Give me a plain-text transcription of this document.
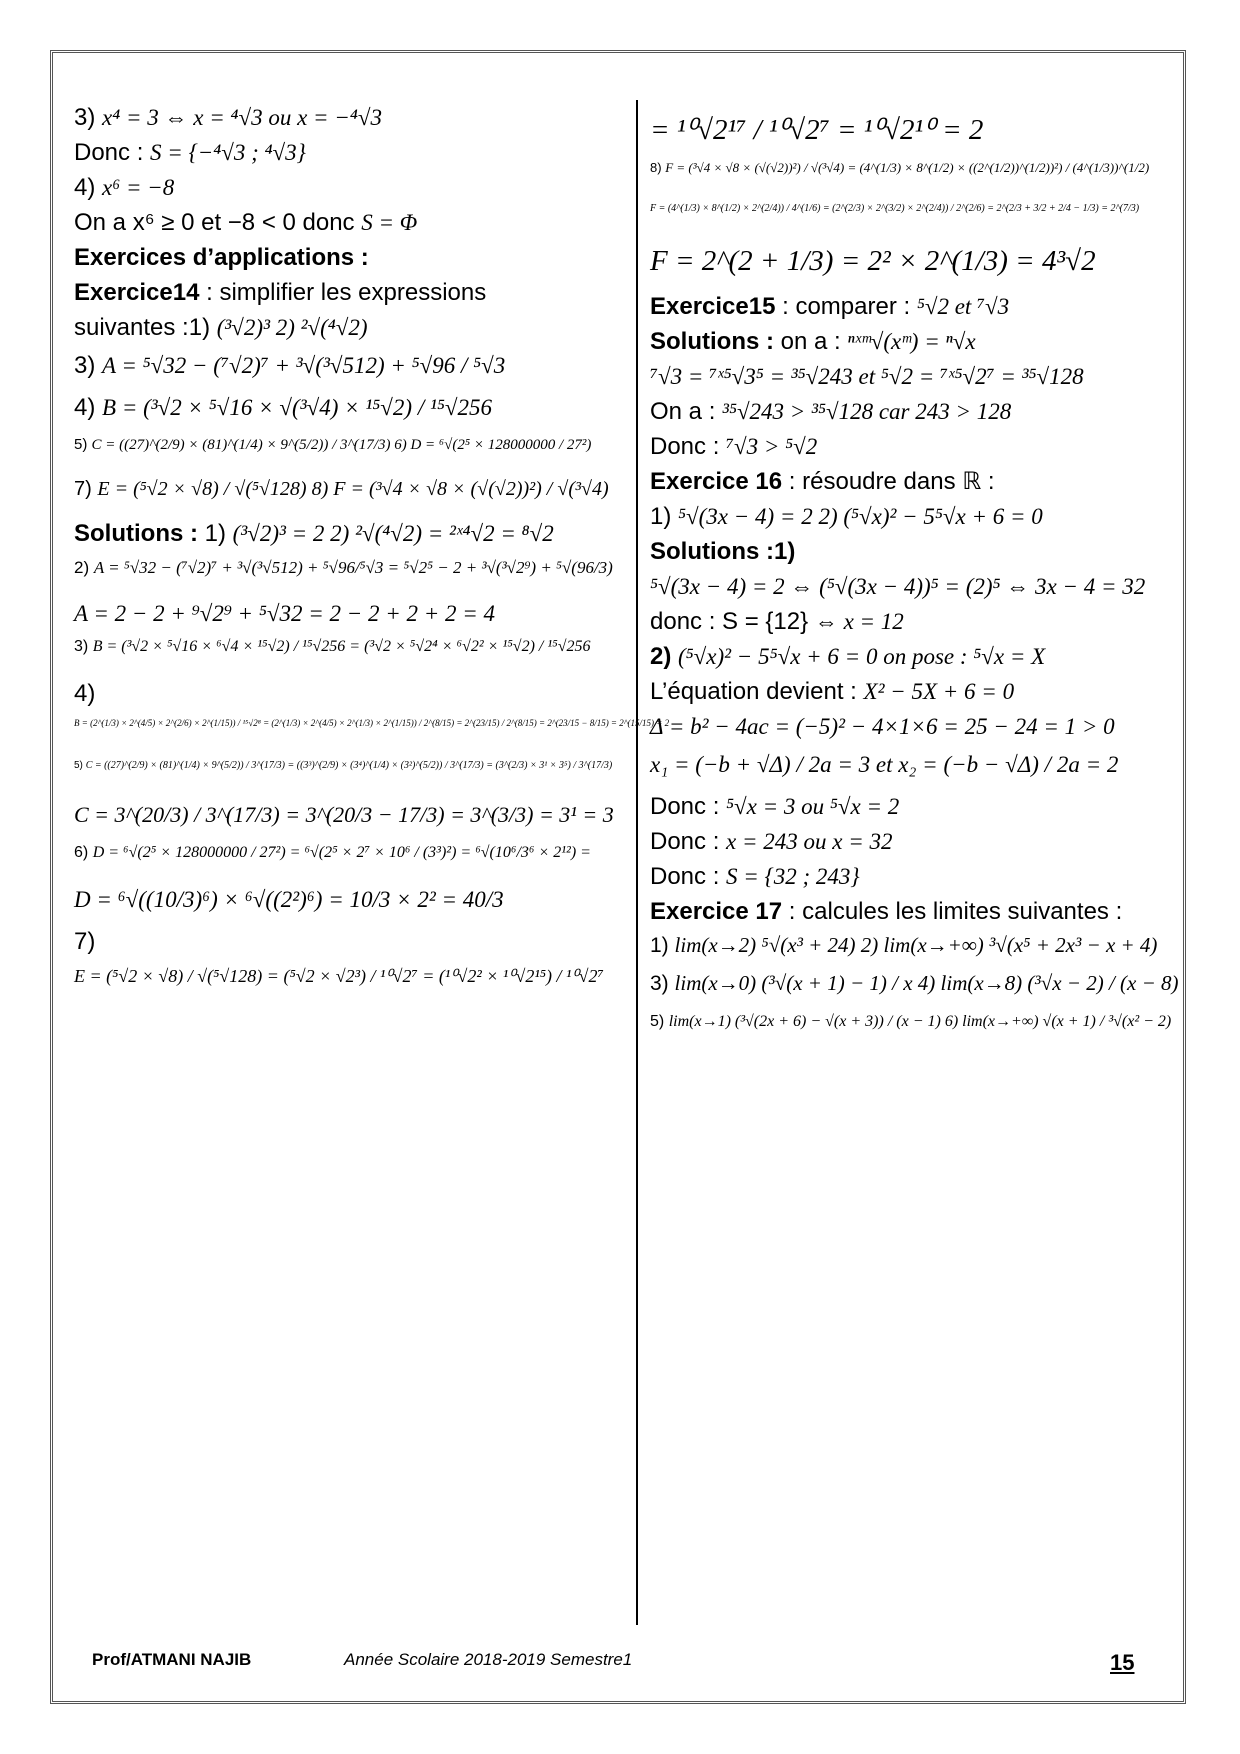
3) x⁴ = 3 ⇔ x = ⁴√3 ou x = −⁴√3
Donc : S = {−⁴√3 ; ⁴√3}
4) x⁶ = −8
On a x⁶ ≥ 0 et −8 < 0 donc S = Φ
Exercices d’applications :
Exercice14 : simplifier les expressions
suivantes :1) (³√2)³ 2) ²√(⁴√2)
3) A = ⁵√32 − (⁷√2)⁷ + ³√(³√512) + ⁵√96 / ⁵√3
4) B = (³√2 × ⁵√16 × √(³√4) × ¹⁵√2) / ¹⁵√256
5) C = ((27)^(2/9) × (81)^(1/4) × 9^(5/2)) / 3^(17/3) 6) D = ⁶√(2⁵ × 128000000 / 27²)
7) E = (⁵√2 × √8) / √(⁵√128) 8) F = (³√4 × √8 × (√(√2))²) / √(³√4)
Solutions : 1) (³√2)³ = 2 2) ²√(⁴√2) = ²ˣ⁴√2 = ⁸√2
2) A = ⁵√32 − (⁷√2)⁷ + ³√(³√512) + ⁵√96/⁵√3 = ⁵√2⁵ − 2 + ³√(³√2⁹) + ⁵√(96/3)
A = 2 − 2 + ⁹√2⁹ + ⁵√32 = 2 − 2 + 2 + 2 = 4
3) B = (³√2 × ⁵√16 × ⁶√4 × ¹⁵√2) / ¹⁵√256 = (³√2 × ⁵√2⁴ × ⁶√2² × ¹⁵√2) / ¹⁵√256
4)
B = (2^(1/3) × 2^(4/5) × 2^(2/6) × 2^(1/15)) / ¹⁵√2⁸ = (2^(1/3) × 2^(4/5) × 2^(1/3) × 2^(1/15)) / 2^(8/15) = 2^(23/15) / 2^(8/15) = 2^(23/15 − 8/15) = 2^(15/15) = 2
5) C = ((27)^(2/9) × (81)^(1/4) × 9^(5/2)) / 3^(17/3) = ((3³)^(2/9) × (3⁴)^(1/4) × (3²)^(5/2)) / 3^(17/3) = (3^(2/3) × 3¹ × 3⁵) / 3^(17/3)
C = 3^(20/3) / 3^(17/3) = 3^(20/3 − 17/3) = 3^(3/3) = 3¹ = 3
6) D = ⁶√(2⁵ × 128000000 / 27²) = ⁶√(2⁵ × 2⁷ × 10⁶ / (3³)²) = ⁶√(10⁶/3⁶ × 2¹²) =
D = ⁶√((10/3)⁶) × ⁶√((2²)⁶) = 10/3 × 2² = 40/3
7)
E = (⁵√2 × √8) / √(⁵√128) = (⁵√2 × √2³) / ¹⁰√2⁷ = (¹⁰√2² × ¹⁰√2¹⁵) / ¹⁰√2⁷
= ¹⁰√2¹⁷ / ¹⁰√2⁷ = ¹⁰√2¹⁰ = 2
8) F = (³√4 × √8 × (√(√2))²) / √(³√4) = (4^(1/3) × 8^(1/2) × ((2^(1/2))^(1/2))²) / (4^(1/3))^(1/2)
F = (4^(1/3) × 8^(1/2) × 2^(2/4)) / 4^(1/6) = (2^(2/3) × 2^(3/2) × 2^(2/4)) / 2^(2/6) = 2^(2/3 + 3/2 + 2/4 − 1/3) = 2^(7/3)
F = 2^(2 + 1/3) = 2² × 2^(1/3) = 4³√2
Exercice15 : comparer : ⁵√2 et ⁷√3
Solutions : on a : ⁿˣᵐ√(xᵐ) = ⁿ√x
⁷√3 = ⁷ˣ⁵√3⁵ = ³⁵√243 et ⁵√2 = ⁷ˣ⁵√2⁷ = ³⁵√128
On a : ³⁵√243 > ³⁵√128 car 243 > 128
Donc : ⁷√3 > ⁵√2
Exercice 16 : résoudre dans ℝ :
1) ⁵√(3x − 4) = 2 2) (⁵√x)² − 5⁵√x + 6 = 0
Solutions :1)
⁵√(3x − 4) = 2 ⇔ (⁵√(3x − 4))⁵ = (2)⁵ ⇔ 3x − 4 = 32
donc : S = {12} ⇔ x = 12
2) (⁵√x)² − 5⁵√x + 6 = 0 on pose : ⁵√x = X
L’équation devient : X² − 5X + 6 = 0
Δ = b² − 4ac = (−5)² − 4×1×6 = 25 − 24 = 1 > 0
x₁ = (−b + √Δ) / 2a = 3 et x₂ = (−b − √Δ) / 2a = 2
Donc : ⁵√x = 3 ou ⁵√x = 2
Donc : x = 243 ou x = 32
Donc : S = {32 ; 243}
Exercice 17 : calcules les limites suivantes :
1) lim(x→2) ⁵√(x³ + 24) 2) lim(x→+∞) ³√(x⁵ + 2x³ − x + 4)
3) lim(x→0) (³√(x + 1) − 1) / x 4) lim(x→8) (³√x − 2) / (x − 8)
5) lim(x→1) (³√(2x + 6) − √(x + 3)) / (x − 1) 6) lim(x→+∞) √(x + 1) / ³√(x² − 2)
Prof/ATMANI NAJIB	Année Scolaire 2018-2019 Semestre1	15
